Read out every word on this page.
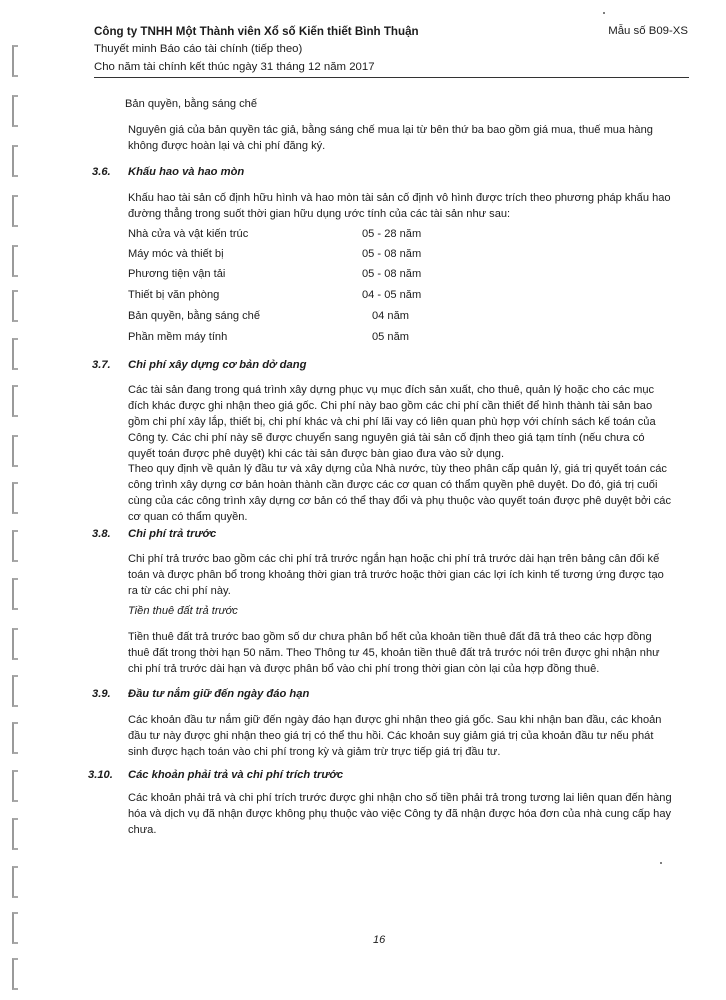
Công ty TNHH Một Thành viên Xổ số Kiến thiết Bình Thuận	Mẫu số B09-XS
Thuyết minh Báo cáo tài chính (tiếp theo)
Cho năm tài chính kết thúc ngày 31 tháng 12 năm 2017
Bản quyền, bằng sáng chế
Nguyên giá của bản quyền tác giả, bằng sáng chế mua lại từ bên thứ ba bao gồm giá mua, thuế mua hàng
không được hoàn lại và chi phí đăng ký.
3.6. Khấu hao và hao mòn
Khấu hao tài sản cố định hữu hình và hao mòn tài sản cố định vô hình được trích theo phương pháp khấu hao
đường thẳng trong suốt thời gian hữu dụng ước tính của các tài sản như sau:
Nhà cửa và vật kiến trúc	05 - 28 năm
Máy móc và thiết bị	05 - 08 năm
Phương tiện vận tải	05 - 08 năm
Thiết bị văn phòng	04 - 05 năm
Bản quyền, bằng sáng chế	04 năm
Phần mềm máy tính	05 năm
3.7. Chi phí xây dựng cơ bản dở dang
Các tài sản đang trong quá trình xây dựng phục vụ mục đích sản xuất, cho thuê, quản lý hoặc cho các mục
đích khác được ghi nhận theo giá gốc. Chi phí này bao gồm các chi phí cần thiết để hình thành tài sản bao
gồm chi phí xây lắp, thiết bị, chi phí khác và chi phí lãi vay có liên quan phù hợp với chính sách kế toán của
Công ty. Các chi phí này sẽ được chuyển sang nguyên giá tài sản cố định theo giá tạm tính (nếu chưa có
quyết toán được phê duyệt) khi các tài sản được bàn giao đưa vào sử dụng.
Theo quy định về quản lý đầu tư và xây dựng của Nhà nước, tùy theo phân cấp quản lý, giá trị quyết toán các
công trình xây dựng cơ bản hoàn thành cần được các cơ quan có thẩm quyền phê duyệt. Do đó, giá trị cuối
cùng của các công trình xây dựng cơ bản có thể thay đổi và phụ thuộc vào quyết toán được phê duyệt bởi các
cơ quan có thẩm quyền.
3.8. Chi phí trả trước
Chi phí trả trước bao gồm các chi phí trả trước ngắn hạn hoặc chi phí trả trước dài hạn trên bảng cân đối kế
toán và được phân bổ trong khoảng thời gian trả trước hoặc thời gian các lợi ích kinh tế tương ứng được tạo
ra từ các chi phí này.
Tiền thuê đất trả trước
Tiền thuê đất trả trước bao gồm số dư chưa phân bổ hết của khoản tiền thuê đất đã trả theo các hợp đồng
thuê đất trong thời hạn 50 năm. Theo Thông tư 45, khoản tiền thuê đất trả trước nói trên được ghi nhận như
chi phí trả trước dài hạn và được phân bổ vào chi phí trong thời gian còn lại của hợp đồng thuê.
3.9. Đầu tư nắm giữ đến ngày đáo hạn
Các khoản đầu tư nắm giữ đến ngày đáo hạn được ghi nhận theo giá gốc. Sau khi nhận ban đầu, các khoản
đầu tư này được ghi nhận theo giá trị có thể thu hồi. Các khoản suy giảm giá trị của khoản đầu tư nếu phát
sinh được hạch toán vào chi phí trong kỳ và giảm trừ trực tiếp giá trị đầu tư.
3.10. Các khoản phải trả và chi phí trích trước
Các khoản phải trả và chi phí trích trước được ghi nhận cho số tiền phải trả trong tương lai liên quan đến hàng
hóa và dịch vụ đã nhận được không phụ thuộc vào việc Công ty đã nhận được hóa đơn của nhà cung cấp hay
chưa.
16
